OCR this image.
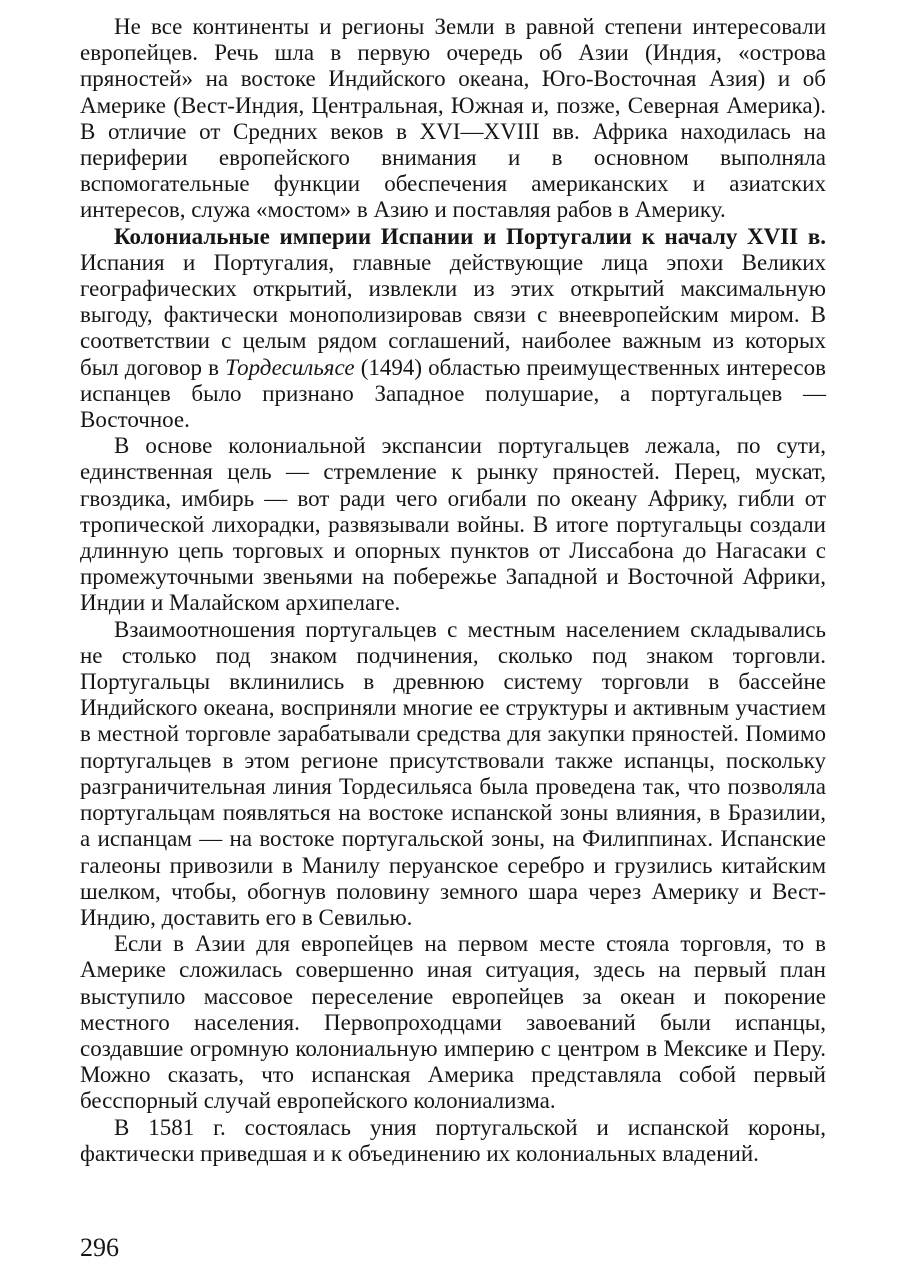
Не все континенты и регионы Земли в равной степени интересовали европейцев. Речь шла в первую очередь об Азии (Индия, «острова пряностей» на востоке Индийского океана, Юго-Восточная Азия) и об Америке (Вест-Индия, Центральная, Южная и, позже, Северная Америка). В отличие от Средних веков в XVI—XVIII вв. Африка находилась на периферии европейского внимания и в основном выполняла вспомогательные функции обеспечения американских и азиатских интересов, служа «мостом» в Азию и поставляя рабов в Америку.

Колониальные империи Испании и Португалии к началу XVII в. Испания и Португалия, главные действующие лица эпохи Великих географических открытий, извлекли из этих открытий максимальную выгоду, фактически монополизировав связи с внеевропейским миром. В соответствии с целым рядом соглашений, наиболее важным из которых был договор в Тордесильясе (1494) областью преимущественных интересов испанцев было признано Западное полушарие, а португальцев — Восточное.

В основе колониальной экспансии португальцев лежала, по сути, единственная цель — стремление к рынку пряностей. Перец, мускат, гвоздика, имбирь — вот ради чего огибали по океану Африку, гибли от тропической лихорадки, развязывали войны. В итоге португальцы создали длинную цепь торговых и опорных пунктов от Лиссабона до Нагасаки с промежуточными звеньями на побережье Западной и Восточной Африки, Индии и Малайском архипелаге.

Взаимоотношения португальцев с местным населением складывались не столько под знаком подчинения, сколько под знаком торговли. Португальцы вклинились в древнюю систему торговли в бассейне Индийского океана, восприняли многие ее структуры и активным участием в местной торговле зарабатывали средства для закупки пряностей. Помимо португальцев в этом регионе присутствовали также испанцы, поскольку разграничительная линия Тордесильяса была проведена так, что позволяла португальцам появляться на востоке испанской зоны влияния, в Бразилии, а испанцам — на востоке португальской зоны, на Филиппинах. Испанские галеоны привозили в Манилу перуанское серебро и грузились китайским шелком, чтобы, обогнув половину земного шара через Америку и Вест-Индию, доставить его в Севилью.

Если в Азии для европейцев на первом месте стояла торговля, то в Америке сложилась совершенно иная ситуация, здесь на первый план выступило массовое переселение европейцев за океан и покорение местного населения. Первопроходцами завоеваний были испанцы, создавшие огромную колониальную империю с центром в Мексике и Перу. Можно сказать, что испанская Америка представляла собой первый бесспорный случай европейского колониализма.

В 1581 г. состоялась уния португальской и испанской короны, фактически приведшая и к объединению их колониальных владений.

296
